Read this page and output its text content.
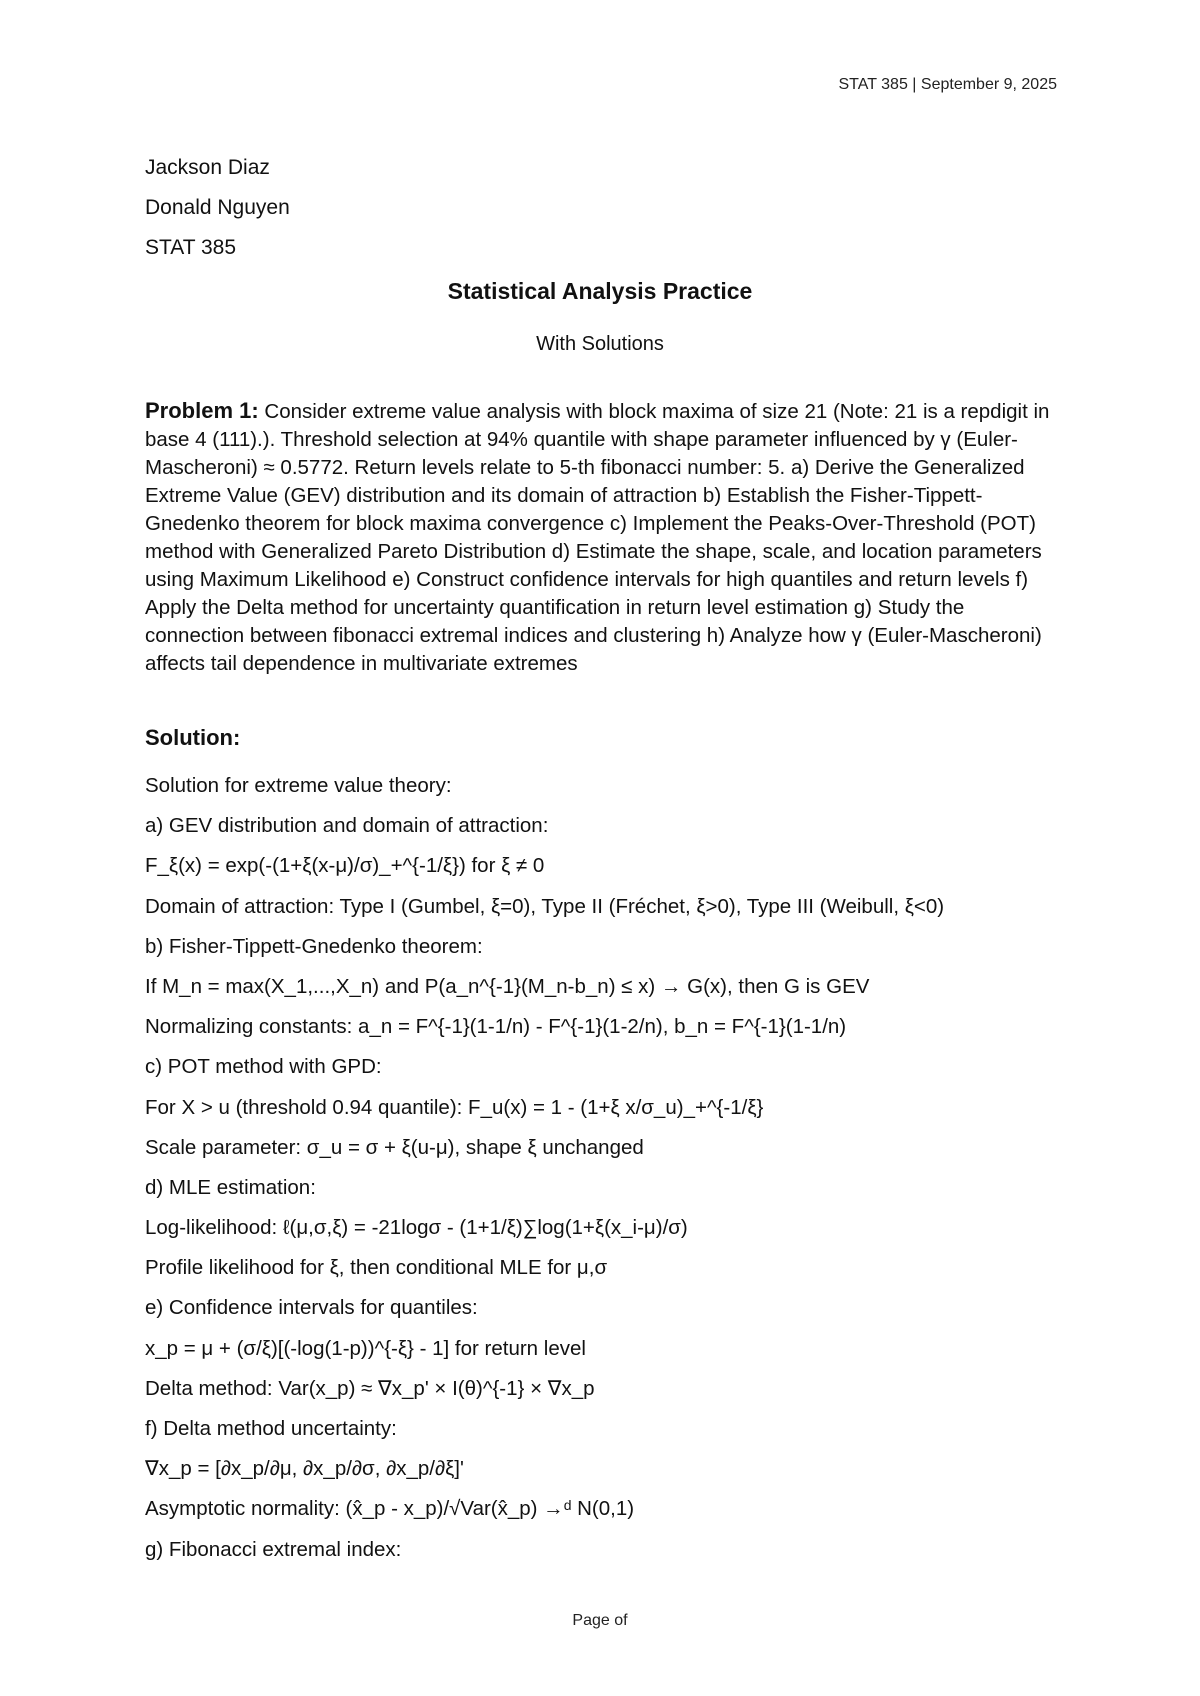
STAT 385 | September 9, 2025
Jackson Diaz
Donald Nguyen
STAT 385
Statistical Analysis Practice
With Solutions
Problem 1: Consider extreme value analysis with block maxima of size 21 (Note: 21 is a repdigit in base 4 (111).). Threshold selection at 94% quantile with shape parameter influenced by γ (Euler-Mascheroni) ≈ 0.5772. Return levels relate to 5-th fibonacci number: 5. a) Derive the Generalized Extreme Value (GEV) distribution and its domain of attraction b) Establish the Fisher-Tippett-Gnedenko theorem for block maxima convergence c) Implement the Peaks-Over-Threshold (POT) method with Generalized Pareto Distribution d) Estimate the shape, scale, and location parameters using Maximum Likelihood e) Construct confidence intervals for high quantiles and return levels f) Apply the Delta method for uncertainty quantification in return level estimation g) Study the connection between fibonacci extremal indices and clustering h) Analyze how γ (Euler-Mascheroni) affects tail dependence in multivariate extremes
Solution:
Solution for extreme value theory:
a) GEV distribution and domain of attraction:
F_ξ(x) = exp(-(1+ξ(x-μ)/σ)_+^{-1/ξ}) for ξ ≠ 0
Domain of attraction: Type I (Gumbel, ξ=0), Type II (Fréchet, ξ>0), Type III (Weibull, ξ<0)
b) Fisher-Tippett-Gnedenko theorem:
If M_n = max(X_1,...,X_n) and P(a_n^{-1}(M_n-b_n) ≤ x) → G(x), then G is GEV
Normalizing constants: a_n = F^{-1}(1-1/n) - F^{-1}(1-2/n), b_n = F^{-1}(1-1/n)
c) POT method with GPD:
For X > u (threshold 0.94 quantile): F_u(x) = 1 - (1+ξ x/σ_u)_+^{-1/ξ}
Scale parameter: σ_u = σ + ξ(u-μ), shape ξ unchanged
d) MLE estimation:
Log-likelihood: ℓ(μ,σ,ξ) = -21logσ - (1+1/ξ)∑log(1+ξ(x_i-μ)/σ)
Profile likelihood for ξ, then conditional MLE for μ,σ
e) Confidence intervals for quantiles:
x_p = μ + (σ/ξ)[(-log(1-p))^{-ξ} - 1] for return level
Delta method: Var(x_p) ≈ ∇x_p' × I(θ)^{-1} × ∇x_p
f) Delta method uncertainty:
∇x_p = [∂x_p/∂μ, ∂x_p/∂σ, ∂x_p/∂ξ]'
Asymptotic normality: (x̂_p - x_p)/√Var(x̂_p) →ᵈ N(0,1)
g) Fibonacci extremal index:
Page of
